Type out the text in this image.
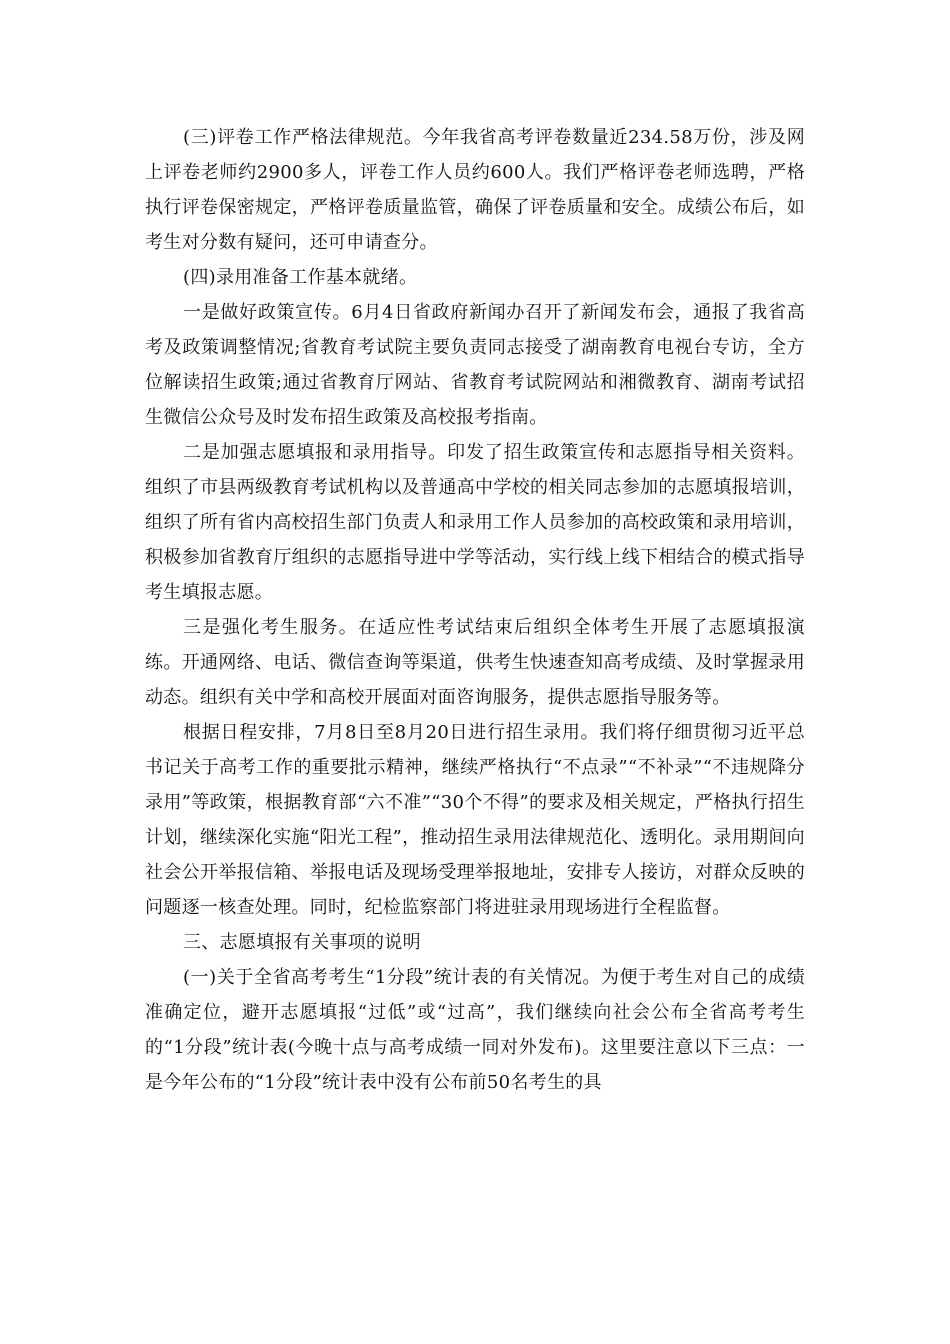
(三)评卷工作严格法律规范。今年我省高考评卷数量近234.58万份，涉及网上评卷老师约2900多人，评卷工作人员约600人。我们严格评卷老师选聘，严格执行评卷保密规定，严格评卷质量监管，确保了评卷质量和安全。成绩公布后，如考生对分数有疑问，还可申请查分。

(四)录用准备工作基本就绪。

一是做好政策宣传。6月4日省政府新闻办召开了新闻发布会，通报了我省高考及政策调整情况;省教育考试院主要负责同志接受了湖南教育电视台专访，全方位解读招生政策;通过省教育厅网站、省教育考试院网站和湘微教育、湖南考试招生微信公众号及时发布招生政策及高校报考指南。

二是加强志愿填报和录用指导。印发了招生政策宣传和志愿指导相关资料。组织了市县两级教育考试机构以及普通高中学校的相关同志参加的志愿填报培训，组织了所有省内高校招生部门负责人和录用工作人员参加的高校政策和录用培训，积极参加省教育厅组织的志愿指导进中学等活动，实行线上线下相结合的模式指导考生填报志愿。

三是强化考生服务。在适应性考试结束后组织全体考生开展了志愿填报演练。开通网络、电话、微信查询等渠道，供考生快速查知高考成绩、及时掌握录用动态。组织有关中学和高校开展面对面咨询服务，提供志愿指导服务等。

根据日程安排，7月8日至8月20日进行招生录用。我们将仔细贯彻习近平总书记关于高考工作的重要批示精神，继续严格执行“不点录”“不补录”“不违规降分录用”等政策，根据教育部“六不准”“30个不得”的要求及相关规定，严格执行招生计划，继续深化实施“阳光工程”，推动招生录用法律规范化、透明化。录用期间向社会公开举报信箱、举报电话及现场受理举报地址，安排专人接访，对群众反映的问题逐一核查处理。同时，纪检监察部门将进驻录用现场进行全程监督。

三、志愿填报有关事项的说明

(一)关于全省高考考生“1分段”统计表的有关情况。为便于考生对自己的成绩准确定位，避开志愿填报“过低”或“过高”，我们继续向社会公布全省高考考生的“1分段”统计表(今晚十点与高考成绩一同对外发布)。这里要注意以下三点：一是今年公布的“1分段”统计表中没有公布前50名考生的具
